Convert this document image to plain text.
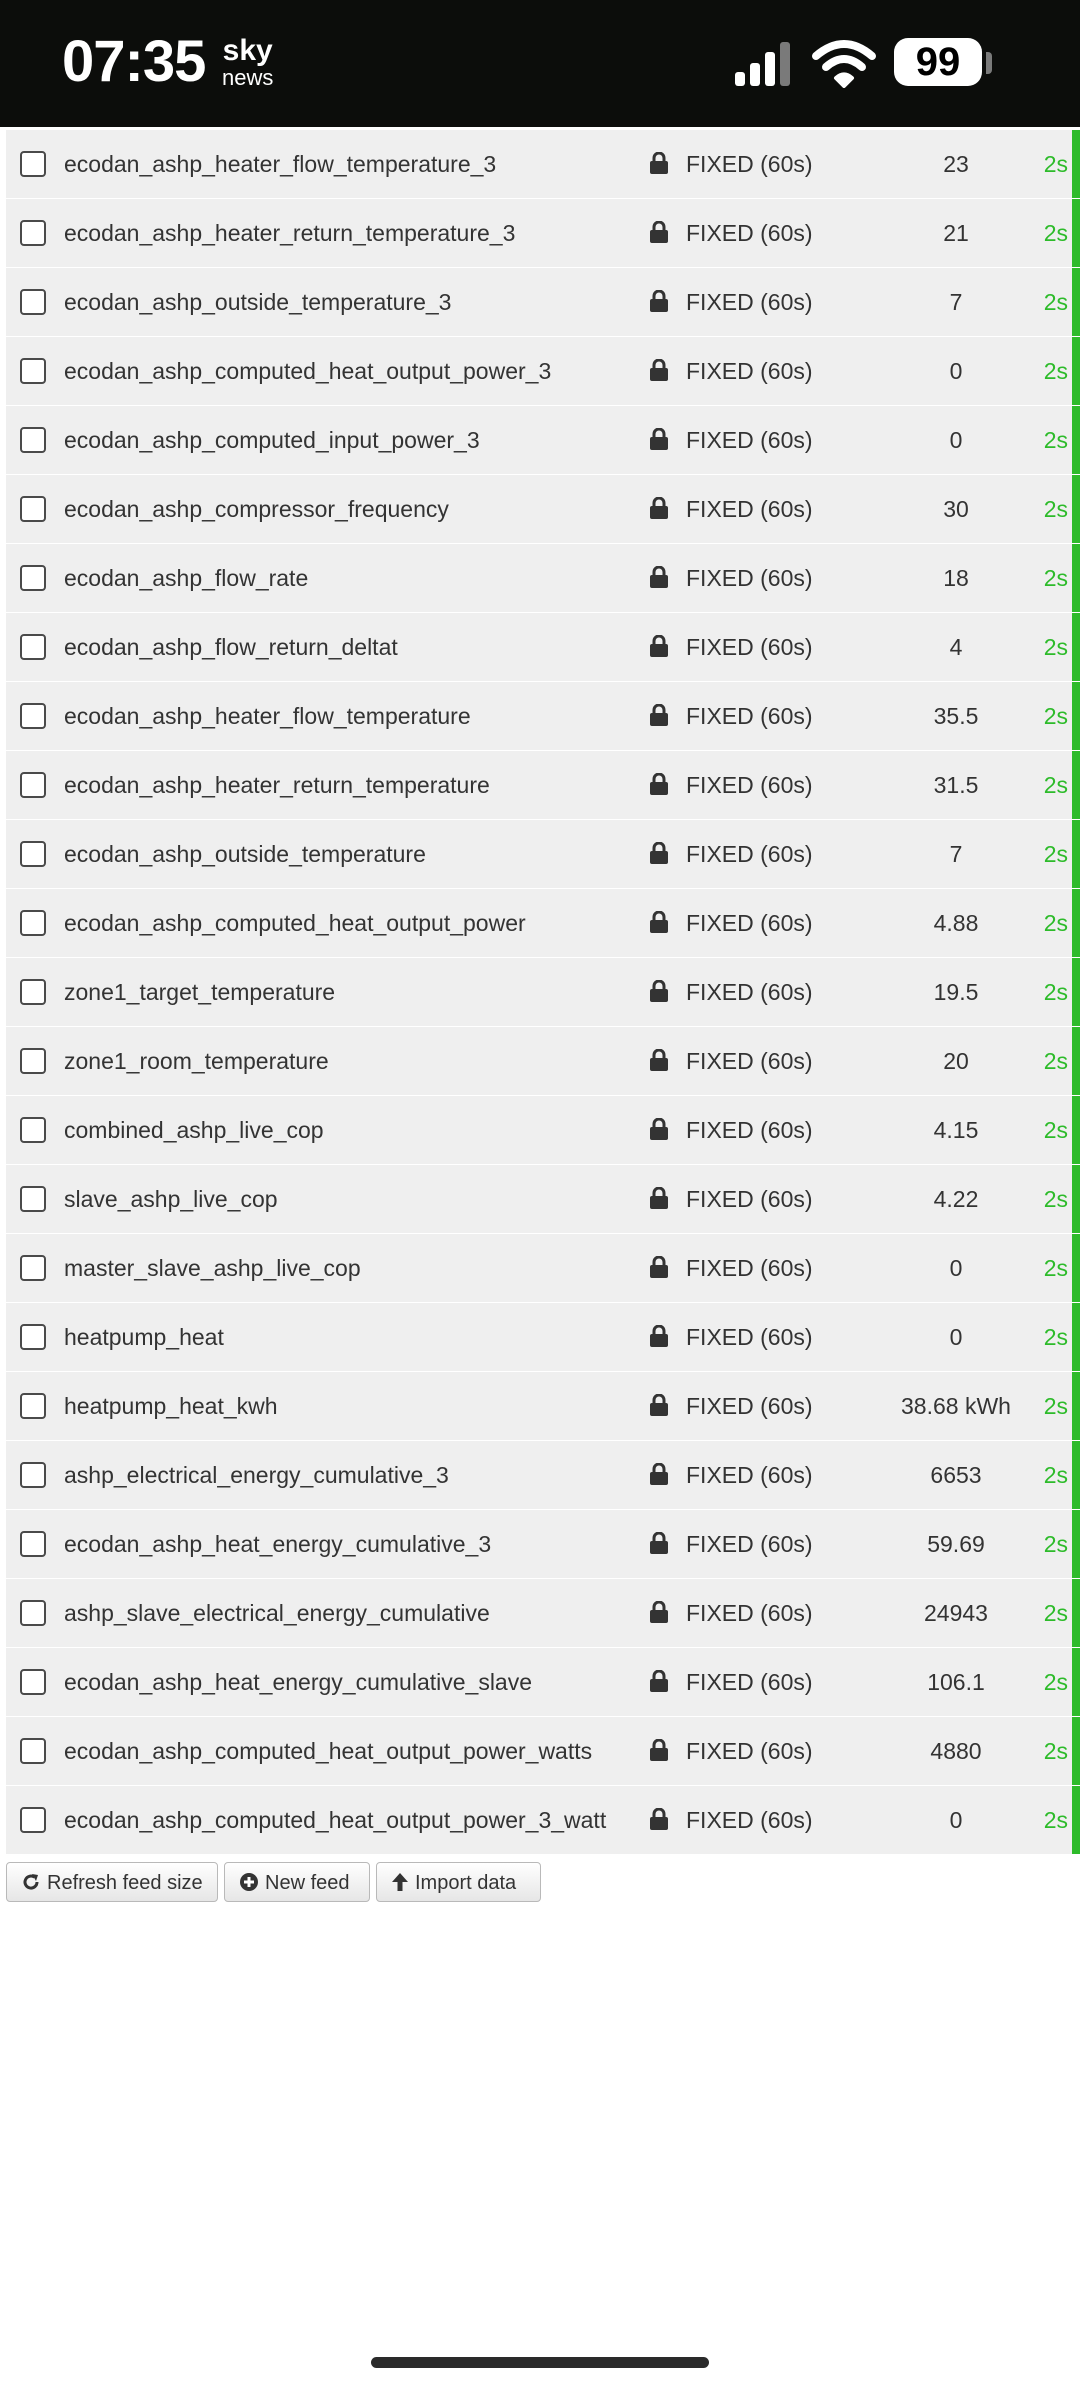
07:35 sky
news	99
ecodan_ashp_heater_flow_temperature_3	FIXED (60s)	23	2s
ecodan_ashp_heater_return_temperature_3	FIXED (60s)	21	2s
ecodan_ashp_outside_temperature_3	FIXED (60s)	7	2s
ecodan_ashp_computed_heat_output_power_3	FIXED (60s)	0	2s
ecodan_ashp_computed_input_power_3	FIXED (60s)	0	2s
ecodan_ashp_compressor_frequency	FIXED (60s)	30	2s
ecodan_ashp_flow_rate	FIXED (60s)	18	2s
ecodan_ashp_flow_return_deltat	FIXED (60s)	4	2s
ecodan_ashp_heater_flow_temperature	FIXED (60s)	35.5	2s
ecodan_ashp_heater_return_temperature	FIXED (60s)	31.5	2s
ecodan_ashp_outside_temperature	FIXED (60s)	7	2s
ecodan_ashp_computed_heat_output_power	FIXED (60s)	4.88	2s
zone1_target_temperature	FIXED (60s)	19.5	2s
zone1_room_temperature	FIXED (60s)	20	2s
combined_ashp_live_cop	FIXED (60s)	4.15	2s
slave_ashp_live_cop	FIXED (60s)	4.22	2s
master_slave_ashp_live_cop	FIXED (60s)	0	2s
heatpump_heat	FIXED (60s)	0	2s
heatpump_heat_kwh	FIXED (60s)	38.68 kWh	2s
ashp_electrical_energy_cumulative_3	FIXED (60s)	6653	2s
ecodan_ashp_heat_energy_cumulative_3	FIXED (60s)	59.69	2s
ashp_slave_electrical_energy_cumulative	FIXED (60s)	24943	2s
ecodan_ashp_heat_energy_cumulative_slave	FIXED (60s)	106.1	2s
ecodan_ashp_computed_heat_output_power_watts	FIXED (60s)	4880	2s
ecodan_ashp_computed_heat_output_power_3_watt	FIXED (60s)	0	2s
Refresh feed size	New feed	Import data
